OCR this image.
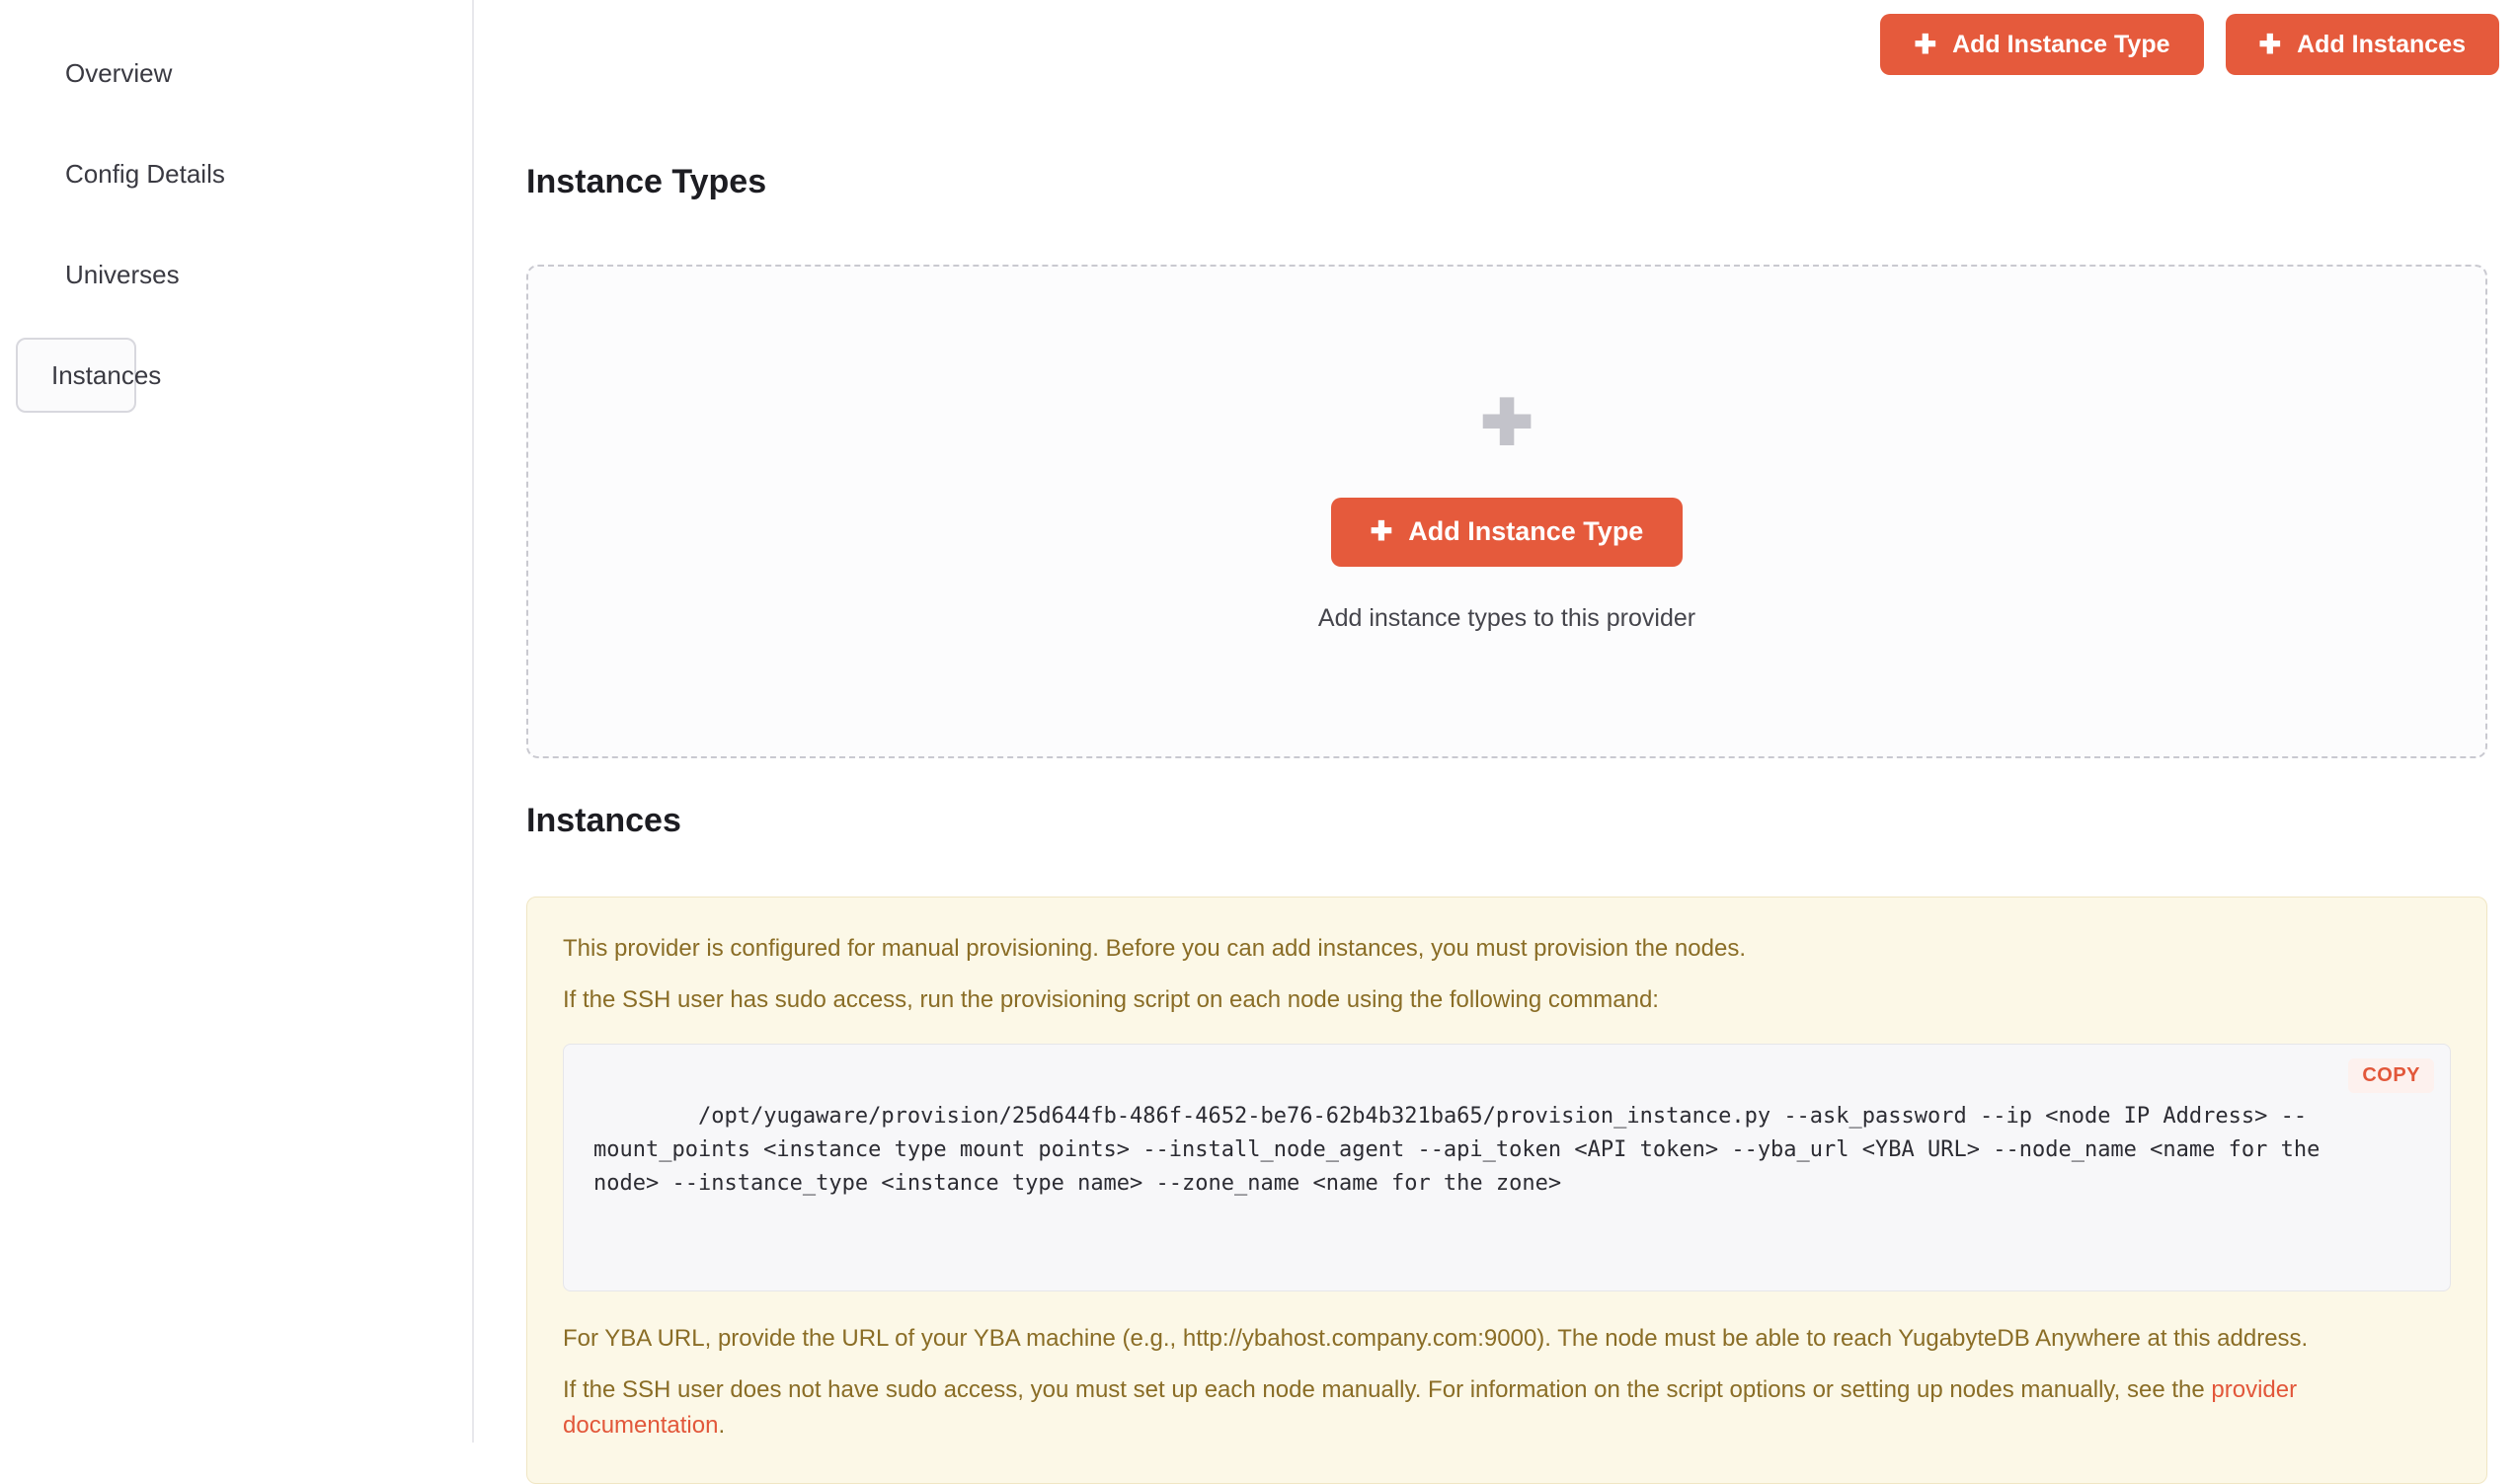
Overview
Config Details
Universes
Instances
✚ Add Instance Type	✚ Add Instances
Instance Types
✚
✚ Add Instance Type
Add instance types to this provider
Instances

This provider is configured for manual provisioning. Before you can add instances, you must provision the nodes.

If the SSH user has sudo access, run the provisioning script on each node using the following command:

/opt/yugaware/provision/25d644fb-486f-4652-be76-62b4b321ba65/provision_instance.py --ask_password --ip <node IP Address> --mount_points <instance type mount points> --install_node_agent --api_token <API token> --yba_url <YBA URL> --node_name <name for the node> --instance_type <instance type name> --zone_name <name for the zone>

COPY

For YBA URL, provide the URL of your YBA machine (e.g., http://ybahost.company.com:9000). The node must be able to reach YugabyteDB Anywhere at this address.

If the SSH user does not have sudo access, you must set up each node manually. For information on the script options or setting up nodes manually, see the provider documentation.
